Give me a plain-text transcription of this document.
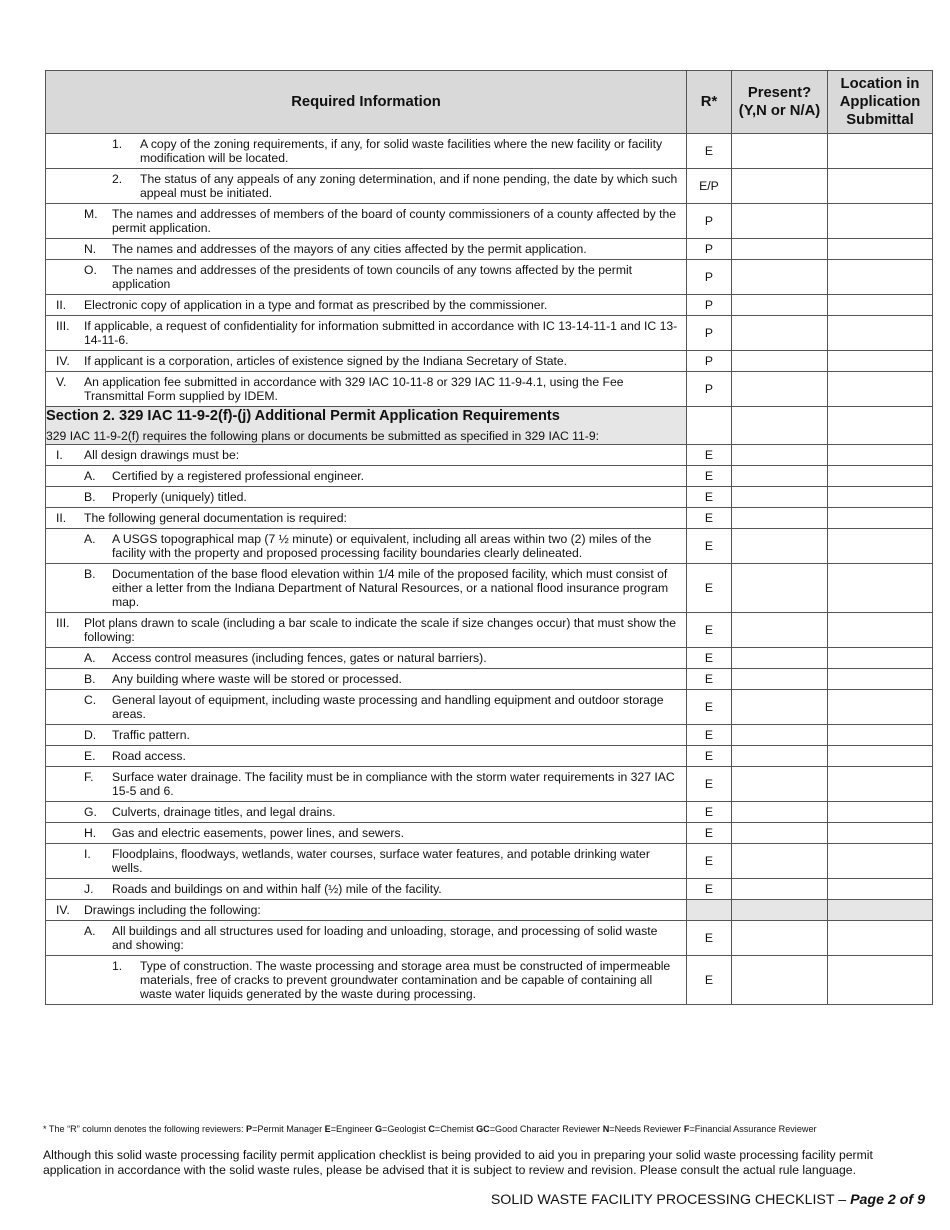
Required Information	R*	Present? (Y,N or N/A)	Location in Application Submittal

1. A copy of the zoning requirements, if any, for solid waste facilities where the new facility or facility modification will be located.	E		

2. The status of any appeals of any zoning determination, and if none pending, the date by which such appeal must be initiated.	E/P		

M. The names and addresses of members of the board of county commissioners of a county affected by the permit application.	P		

N. The names and addresses of the mayors of any cities affected by the permit application.	P		

O. The names and addresses of the presidents of town councils of any towns affected by the permit application	P		

II. Electronic copy of application in a type and format as prescribed by the commissioner.	P		

III. If applicable, a request of confidentiality for information submitted in accordance with IC 13-14-11-1 and IC 13-14-11-6.	P		

IV. If applicant is a corporation, articles of existence signed by the Indiana Secretary of State.	P		

V. An application fee submitted in accordance with 329 IAC 10-11-8 or 329 IAC 11-9-4.1, using the Fee Transmittal Form supplied by IDEM.	P		

Section 2. 329 IAC 11-9-2(f)-(j) Additional Permit Application Requirements
329 IAC 11-9-2(f) requires the following plans or documents be submitted as specified in 329 IAC 11-9:			

I. All design drawings must be:	E		

A. Certified by a registered professional engineer.	E		

B. Properly (uniquely) titled.	E		

II. The following general documentation is required:	E		

A. A USGS topographical map (7 ½ minute) or equivalent, including all areas within two (2) miles of the facility with the property and proposed processing facility boundaries clearly delineated.	E		

B. Documentation of the base flood elevation within 1/4 mile of the proposed facility, which must consist of either a letter from the Indiana Department of Natural Resources, or a national flood insurance program map.	E		

III. Plot plans drawn to scale (including a bar scale to indicate the scale if size changes occur) that must show the following:	E		

A. Access control measures (including fences, gates or natural barriers).	E		

B. Any building where waste will be stored or processed.	E		

C. General layout of equipment, including waste processing and handling equipment and outdoor storage areas.	E		

D. Traffic pattern.	E		

E. Road access.	E		

F. Surface water drainage. The facility must be in compliance with the storm water requirements in 327 IAC 15-5 and 6.	E		

G. Culverts, drainage titles, and legal drains.	E		

H. Gas and electric easements, power lines, and sewers.	E		

I. Floodplains, floodways, wetlands, water courses, surface water features, and potable drinking water wells.	E		

J. Roads and buildings on and within half (½) mile of the facility.	E		

IV. Drawings including the following:			

A. All buildings and all structures used for loading and unloading, storage, and processing of solid waste and showing:	E		

1. Type of construction. The waste processing and storage area must be constructed of impermeable materials, free of cracks to prevent groundwater contamination and be capable of containing all waste water liquids generated by the waste during processing.	E		
* The “R” column denotes the following reviewers: P=Permit Manager E=Engineer G=Geologist C=Chemist GC=Good Character Reviewer N=Needs Reviewer F=Financial Assurance Reviewer
Although this solid waste processing facility permit application checklist is being provided to aid you in preparing your solid waste processing facility permit application in accordance with the solid waste rules, please be advised that it is subject to review and revision. Please consult the actual rule language.
SOLID WASTE FACILITY PROCESSING CHECKLIST – Page 2 of 9
